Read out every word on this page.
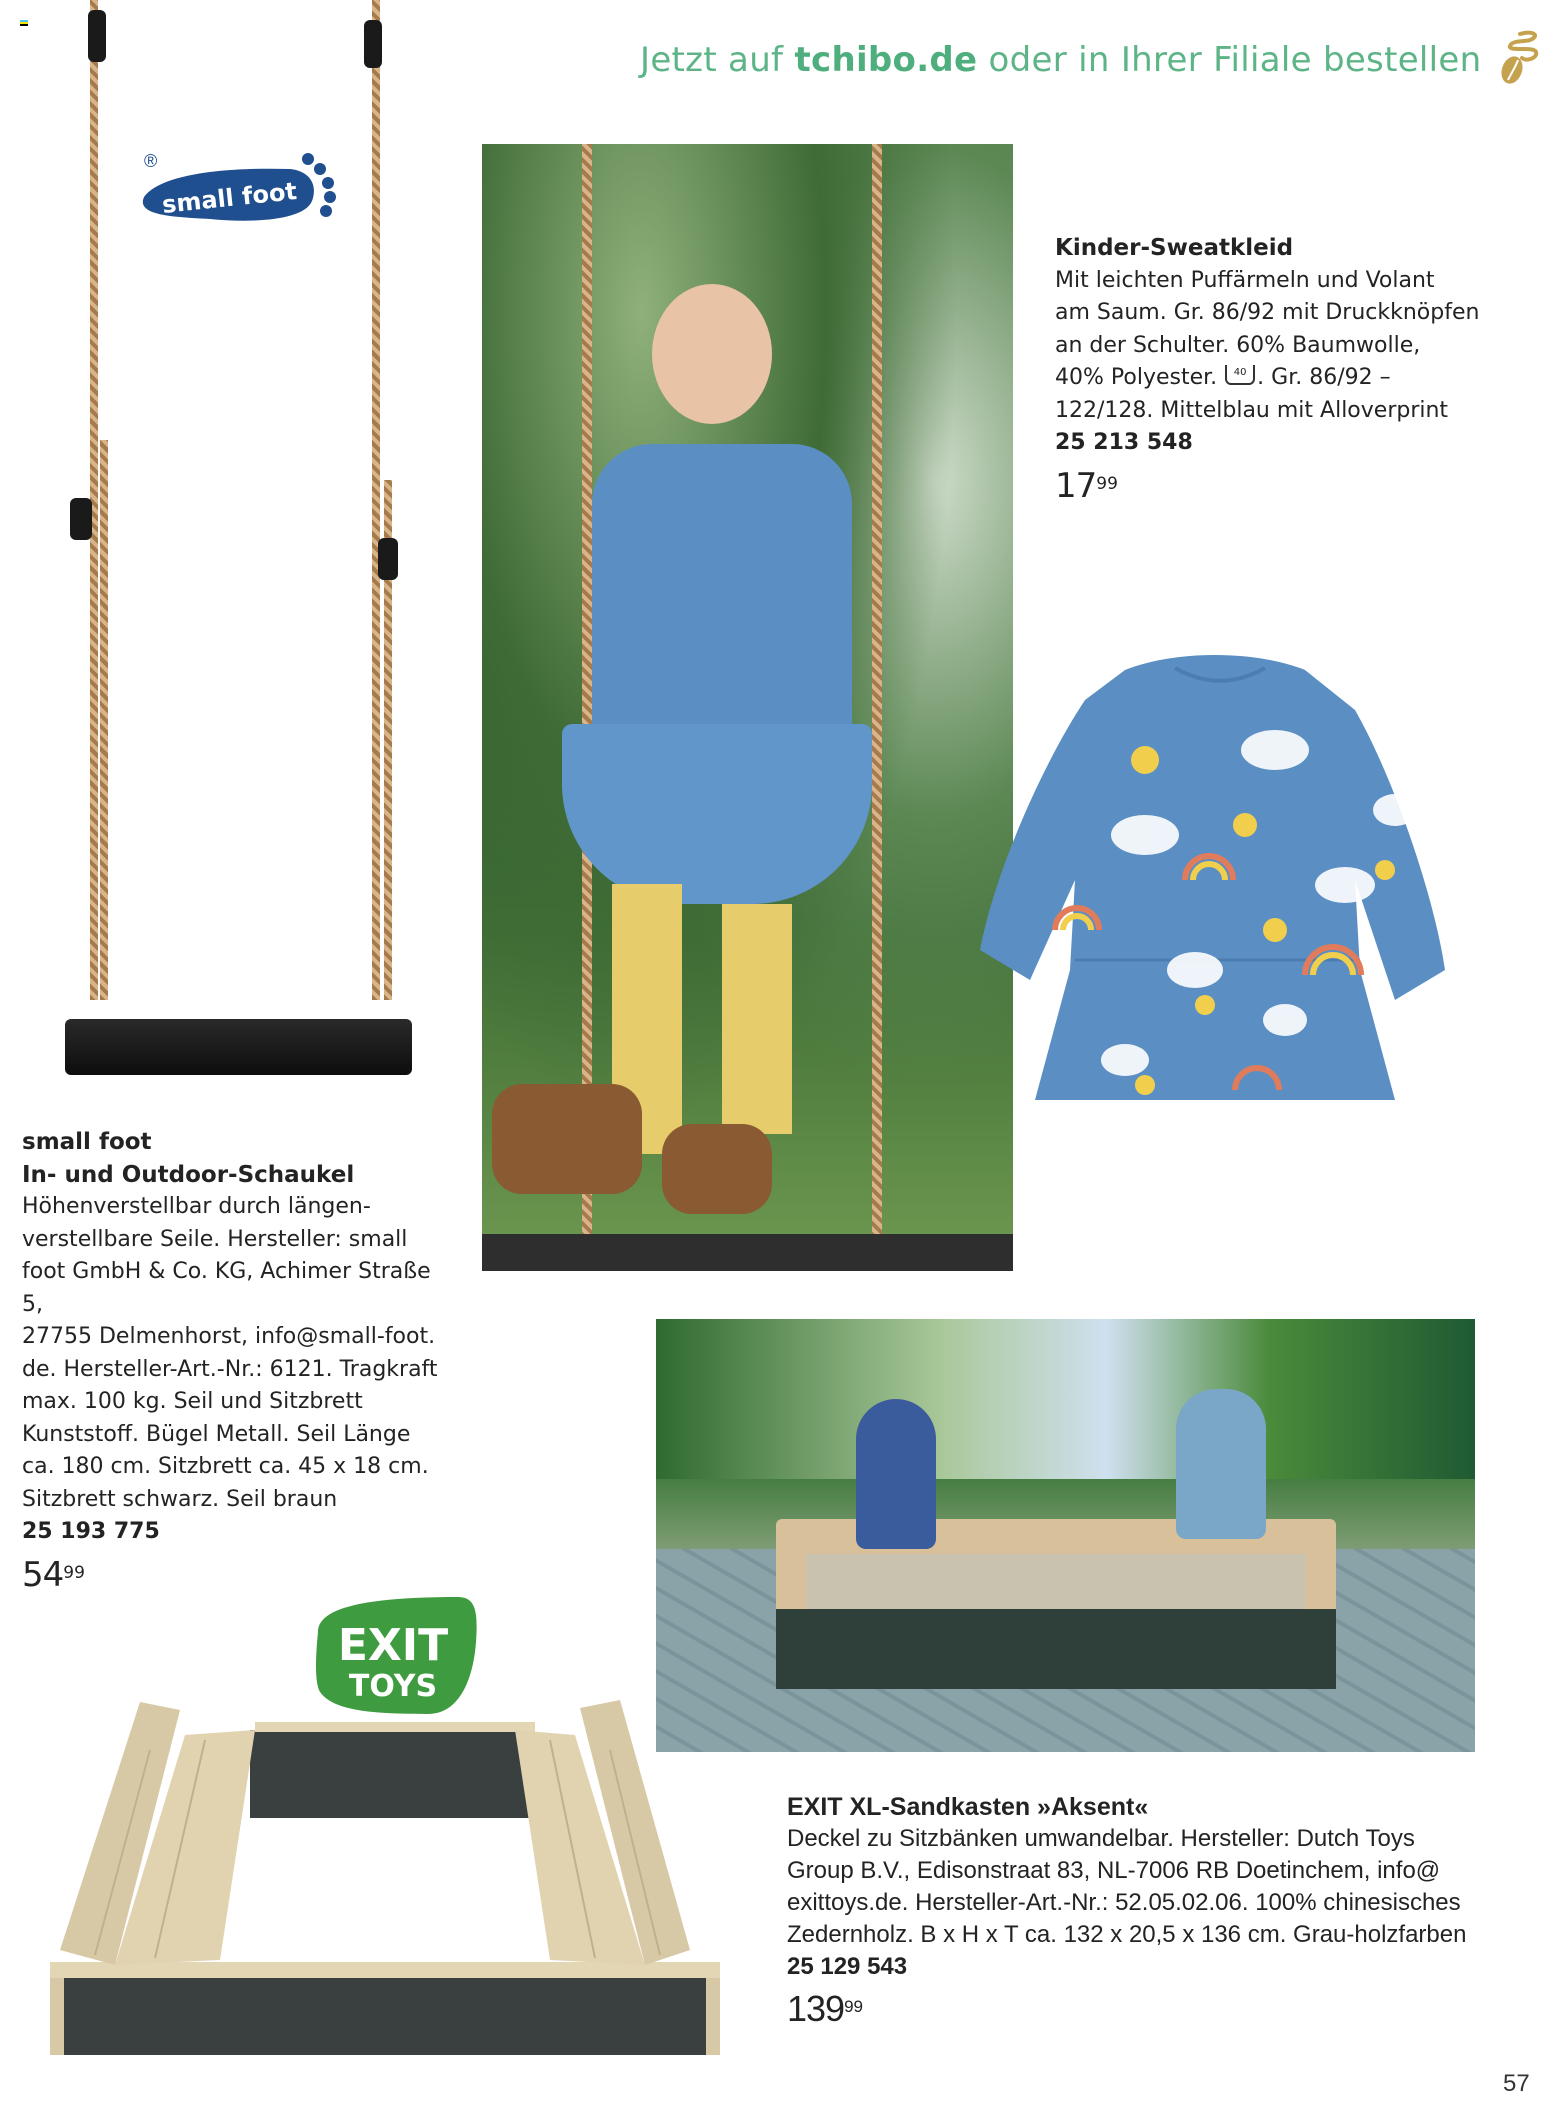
Jetzt auf tchibo.de oder in Ihrer Filiale bestellen
®
small foot
small foot
In- und Outdoor-Schaukel
Höhenverstellbar durch längen-
verstellbare Seile. Hersteller: small
foot GmbH & Co. KG, Achimer Straße 5,
27755 Delmenhorst, info@small-foot.
de. Hersteller-Art.-Nr.: 6121. Tragkraft
max. 100 kg. Seil und Sitzbrett
Kunststoff. Bügel Metall. Seil Länge
ca. 180 cm. Sitzbrett ca. 45 x 18 cm.
Sitzbrett schwarz. Seil braun
25 193 775
$54^{99}$
Kinder-Sweatkleid
Mit leichten Puffärmeln und Volant
am Saum. Gr. 86/92 mit Druckknöpfen
an der Schulter. 60% Baumwolle,
40% Polyester. 40 . Gr. 86/92 –
122/128. Mittelblau mit Alloverprint
25 213 548
$17^{99}$
EXIT
TOYS
EXIT XL-Sandkasten »Aksent«
Deckel zu Sitzbänken umwandelbar. Hersteller: Dutch Toys
Group B.V., Edisonstraat 83, NL-7006 RB Doetinchem, info@
exittoys.de. Hersteller-Art.-Nr.: 52.05.02.06. 100% chinesisches
Zedernholz. B x H x T ca. 132 x 20,5 x 136 cm. Grau-holzfarben
25 129 543
$139^{99}$
57
